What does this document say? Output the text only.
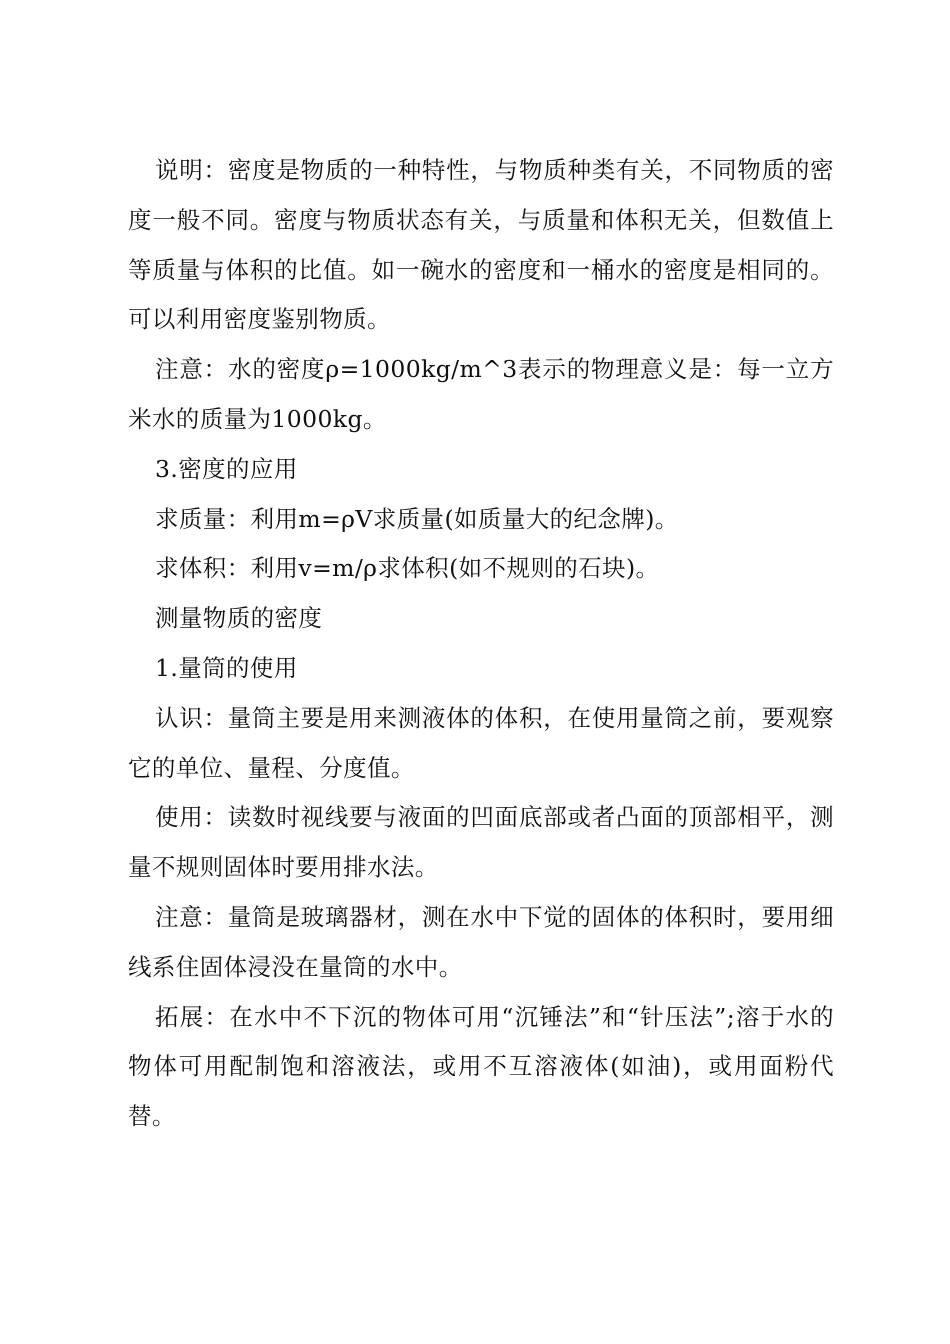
说明：密度是物质的一种特性，与物质种类有关，不同物质的密度一般不同。密度与物质状态有关，与质量和体积无关，但数值上等质量与体积的比值。如一碗水的密度和一桶水的密度是相同的。可以利用密度鉴别物质。

注意：水的密度ρ=1000kg/m^3表示的物理意义是：每一立方米水的质量为1000kg。

3.密度的应用

求质量：利用m=ρV求质量(如质量大的纪念牌)。

求体积：利用v=m/ρ求体积(如不规则的石块)。

测量物质的密度

1.量筒的使用

认识：量筒主要是用来测液体的体积，在使用量筒之前，要观察它的单位、量程、分度值。

使用：读数时视线要与液面的凹面底部或者凸面的顶部相平，测量不规则固体时要用排水法。

注意：量筒是玻璃器材，测在水中下觉的固体的体积时，要用细线系住固体浸没在量筒的水中。

拓展：在水中不下沉的物体可用“沉锤法”和“针压法”;溶于水的物体可用配制饱和溶液法，或用不互溶液体(如油)，或用面粉代替。
